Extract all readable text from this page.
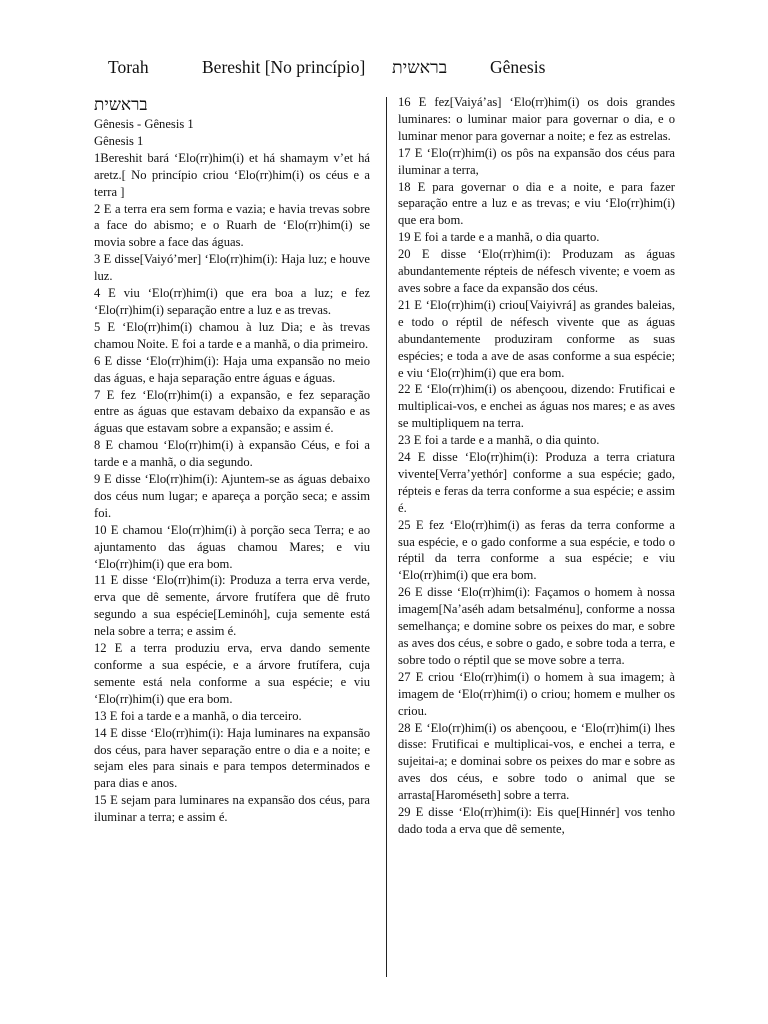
Torah	Bereshit [No princípio] בראשית Gênesis

בראשית

Gênesis - Gênesis 1

Gênesis 1

1Bereshit bará ‘Elo(rr)him(i) et há shamaym v’et há aretz.[ No princípio criou ‘Elo(rr)him(i) os céus e a terra ]

2 E a terra era sem forma e vazia; e havia trevas sobre a face do abismo; e o Ruarh de ‘Elo(rr)him(i) se movia sobre a face das águas.

3 E disse[Vaiyó’mer] ‘Elo(rr)him(i): Haja luz; e houve luz.

4 E viu ‘Elo(rr)him(i) que era boa a luz; e fez ‘Elo(rr)him(i) separação entre a luz e as trevas.

5 E ‘Elo(rr)him(i) chamou à luz Dia; e às trevas chamou Noite. E foi a tarde e a manhã, o dia primeiro.

6 E disse ‘Elo(rr)him(i): Haja uma expansão no meio das águas, e haja separação entre águas e águas.

7 E fez ‘Elo(rr)him(i) a expansão, e fez separação entre as águas que estavam debaixo da expansão e as águas que estavam sobre a expansão; e assim é.

8 E chamou ‘Elo(rr)him(i) à expansão Céus, e foi a tarde e a manhã, o dia segundo.

9 E disse ‘Elo(rr)him(i): Ajuntem-se as águas debaixo dos céus num lugar; e apareça a porção seca; e assim foi.

10 E chamou ‘Elo(rr)him(i) à porção seca Terra; e ao ajuntamento das águas chamou Mares; e viu ‘Elo(rr)him(i) que era bom.

11 E disse ‘Elo(rr)him(i): Produza a terra erva verde, erva que dê semente, árvore frutífera que dê fruto segundo a sua espécie[Leminóh], cuja semente está nela sobre a terra; e assim é.

12 E a terra produziu erva, erva dando semente conforme a sua espécie, e a árvore frutífera, cuja semente está nela conforme a sua espécie; e viu ‘Elo(rr)him(i) que era bom.

13 E foi a tarde e a manhã, o dia terceiro.

14 E disse ‘Elo(rr)him(i): Haja luminares na expansão dos céus, para haver separação entre o dia e a noite; e sejam eles para sinais e para tempos determinados e para dias e anos.

15 E sejam para luminares na expansão dos céus, para iluminar a terra; e assim é.

16 E fez[Vaiyá’as] ‘Elo(rr)him(i) os dois grandes luminares: o luminar maior para governar o dia, e o luminar menor para governar a noite; e fez as estrelas.

17 E ‘Elo(rr)him(i) os pôs na expansão dos céus para iluminar a terra,

18 E para governar o dia e a noite, e para fazer separação entre a luz e as trevas; e viu ‘Elo(rr)him(i) que era bom.

19 E foi a tarde e a manhã, o dia quarto.

20 E disse ‘Elo(rr)him(i): Produzam as águas abundantemente répteis de néfesch vivente; e voem as aves sobre a face da expansão dos céus.

21 E ‘Elo(rr)him(i) criou[Vaiyivrá] as grandes baleias, e todo o réptil de néfesch vivente que as águas abundantemente produziram conforme as suas espécies; e toda a ave de asas conforme a sua espécie; e viu ‘Elo(rr)him(i) que era bom.

22 E ‘Elo(rr)him(i) os abençoou, dizendo: Frutificai e multiplicai-vos, e enchei as águas nos mares; e as aves se multipliquem na terra.

23 E foi a tarde e a manhã, o dia quinto.

24 E disse ‘Elo(rr)him(i): Produza a terra criatura vivente[Verra’yethór] conforme a sua espécie; gado, répteis e feras da terra conforme a sua espécie; e assim é.

25 E fez ‘Elo(rr)him(i) as feras da terra conforme a sua espécie, e o gado conforme a sua espécie, e todo o réptil da terra conforme a sua espécie; e viu ‘Elo(rr)him(i) que era bom.

26 E disse ‘Elo(rr)him(i): Façamos o homem à nossa imagem[Na’aséh adam betsalménu], conforme a nossa semelhança; e domine sobre os peixes do mar, e sobre as aves dos céus, e sobre o gado, e sobre toda a terra, e sobre todo o réptil que se move sobre a terra.

27 E criou ‘Elo(rr)him(i) o homem à sua imagem; à imagem de ‘Elo(rr)him(i) o criou; homem e mulher os criou.

28 E ‘Elo(rr)him(i) os abençoou, e ‘Elo(rr)him(i) lhes disse: Frutificai e multiplicai-vos, e enchei a terra, e sujeitai-a; e dominai sobre os peixes do mar e sobre as aves dos céus, e sobre todo o animal que se arrasta[Haroméseth] sobre a terra.

29 E disse ‘Elo(rr)him(i): Eis que[Hinnér] vos tenho dado toda a erva que dê semente,
